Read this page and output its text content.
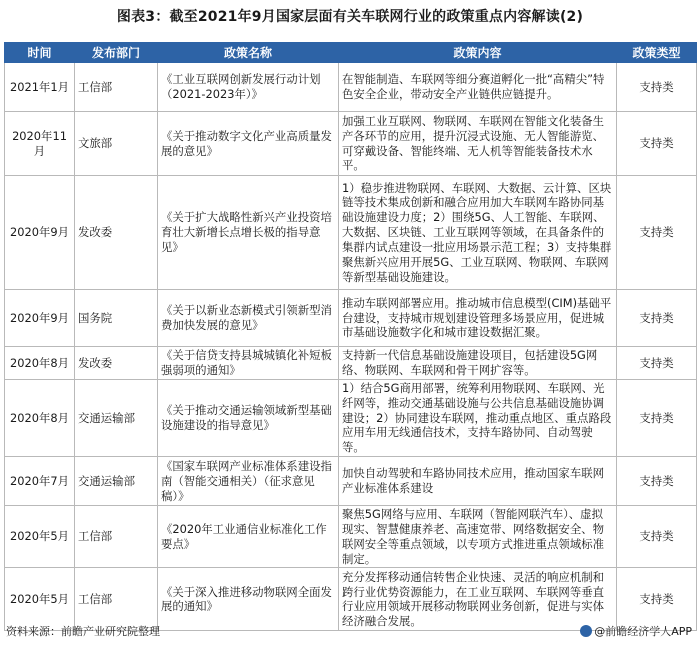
图表3：截至2021年9月国家层面有关车联网行业的政策重点内容解读(2)
时间	发布部门	政策名称	政策内容	政策类型
2021年1月	工信部	《工业互联网创新发展行动计划（2021-2023年）》	在智能制造、车联网等细分赛道孵化一批“高精尖”特色安全企业，带动安全产业链供应链提升。	支持类
2020年11月	文旅部	《关于推动数字文化产业高质量发展的意见》	加强工业互联网、物联网、车联网在智能文化装备生产各环节的应用，提升沉浸式设施、无人智能游览、可穿戴设备、智能终端、无人机等智能装备技术水平。	支持类
2020年9月	发改委	《关于扩大战略性新兴产业投资培育壮大新增长点增长极的指导意见》	1）稳步推进物联网、车联网、大数据、云计算、区块链等技术集成创新和融合应用加大车联网车路协同基础设施建设力度；2）围绕5G、人工智能、车联网、大数据、区块链、工业互联网等领域，在具备条件的集群内试点建设一批应用场景示范工程；3）支持集群聚焦新兴应用开展5G、工业互联网、物联网、车联网等新型基础设施建设。	支持类
2020年9月	国务院	《关于以新业态新模式引领新型消费加快发展的意见》	推动车联网部署应用。推动城市信息模型(CIM)基础平台建设，支持城市规划建设管理多场景应用，促进城市基础设施数字化和城市建设数据汇聚。	支持类
2020年8月	发改委	《关于信贷支持县城城镇化补短板强弱项的通知》	支持新一代信息基础设施建设项目，包括建设5G网络、物联网、车联网和骨干网扩容等。	支持类
2020年8月	交通运输部	《关于推动交通运输领域新型基础设施建设的指导意见》	1）结合5G商用部署，统筹利用物联网、车联网、光纤网等，推动交通基础设施与公共信息基础设施协调建设；2）协同建设车联网，推动重点地区、重点路段应用车用无线通信技术，支持车路协同、自动驾驶等。	支持类
2020年7月	交通运输部	《国家车联网产业标准体系建设指南（智能交通相关）（征求意见稿）》	加快自动驾驶和车路协同技术应用，推动国家车联网产业标准体系建设	支持类
2020年5月	工信部	《2020年工业通信业标准化工作要点》	聚焦5G网络与应用、车联网（智能网联汽车）、虚拟现实、智慧健康养老、高速宽带、网络数据安全、物联网安全等重点领域，以专项方式推进重点领域标准制定。	支持类
2020年5月	工信部	《关于深入推进移动物联网全面发展的通知》	充分发挥移动通信转售企业快速、灵活的响应机制和跨行业优势资源能力，在工业互联网、车联网等垂直行业应用领域开展移动物联网业务创新，促进与实体经济融合发展。	支持类
资料来源：前瞻产业研究院整理	@前瞻经济学人APP
